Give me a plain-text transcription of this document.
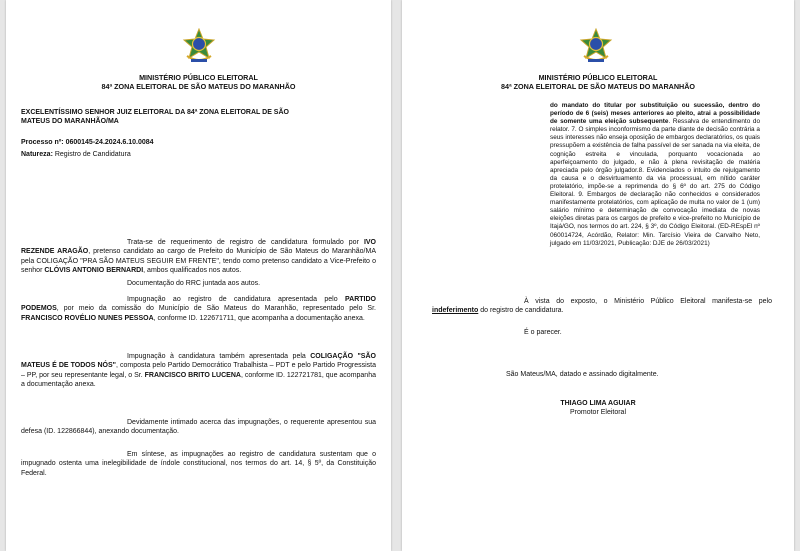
MINISTÉRIO PÚBLICO ELEITORAL
84ª ZONA ELEITORAL DE SÃO MATEUS DO MARANHÃO
EXCELENTÍSSIMO SENHOR JUIZ ELEITORAL DA 84ª ZONA ELEITORAL DE SÃO
MATEUS DO MARANHÃO/MA
Processo nº: 0600145-24.2024.6.10.0084
Natureza: Registro de Candidatura
Trata-se de requerimento de registro de candidatura formulado por IVO REZENDE ARAGÃO, pretenso candidato ao cargo de Prefeito do Município de São Mateus do Maranhão/MA pela COLIGAÇÃO "PRA SÃO MATEUS SEGUIR EM FRENTE", tendo como pretenso candidato a Vice-Prefeito o senhor CLÓVIS ANTONIO BERNARDI, ambos qualificados nos autos.
Documentação do RRC juntada aos autos.
Impugnação ao registro de candidatura apresentada pelo PARTIDO PODEMOS, por meio da comissão do Município de São Mateus do Maranhão, representado pelo Sr. FRANCISCO ROVÉLIO NUNES PESSOA, conforme ID. 122671711, que acompanha a documentação anexa.
Impugnação à candidatura também apresentada pela COLIGAÇÃO "SÃO MATEUS É DE TODOS NÓS", composta pelo Partido Democrático Trabalhista – PDT e pelo Partido Progressista – PP, por seu representante legal, o Sr. FRANCISCO BRITO LUCENA, conforme ID. 122721781, que acompanha a documentação anexa.
Devidamente intimado acerca das impugnações, o requerente apresentou sua defesa (ID. 122866844), anexando documentação.
Em síntese, as impugnações ao registro de candidatura sustentam que o impugnado ostenta uma inelegibilidade de índole constitucional, nos termos do art. 14, § 5º, da Constituição Federal.
MINISTÉRIO PÚBLICO ELEITORAL
84ª ZONA ELEITORAL DE SÃO MATEUS DO MARANHÃO
do mandato do titular por substituição ou sucessão, dentro do período de 6 (seis) meses anteriores ao pleito, atrai a possibilidade de somente uma eleição subsequente. Ressalva de entendimento do relator. 7. O simples inconformismo da parte diante de decisão contrária a seus interesses não enseja oposição de embargos declaratórios, os quais pressupõem a existência de falha passível de ser sanada na via eleita, de cognição estreita e vinculada, porquanto vocacionada ao aperfeiçoamento do julgado, e não à plena revisitação de matéria apreciada pelo órgão julgador.8. Evidenciados o intuito de rejulgamento da causa e o desvirtuamento da via processual, em nítido caráter protelatório, impõe-se a reprimenda do § 6º do art. 275 do Código Eleitoral. 9. Embargos de declaração não conhecidos e considerados manifestamente protelatórios, com aplicação de multa no valor de 1 (um) salário mínimo e determinação de convocação imediata de novas eleições diretas para os cargos de prefeito e vice-prefeito no Município de Itajá/GO, nos termos do art. 224, § 3º, do Código Eleitoral. (ED-REspEl nº 060014724, Acórdão, Relator: Min. Tarcísio Vieira de Carvalho Neto, julgado em 11/03/2021, Publicação: DJE de 26/03/2021)
À vista do exposto, o Ministério Público Eleitoral manifesta-se pelo indeferimento do registro de candidatura.
É o parecer.
São Mateus/MA, datado e assinado digitalmente.
THIAGO LIMA AGUIAR
Promotor Eleitoral
